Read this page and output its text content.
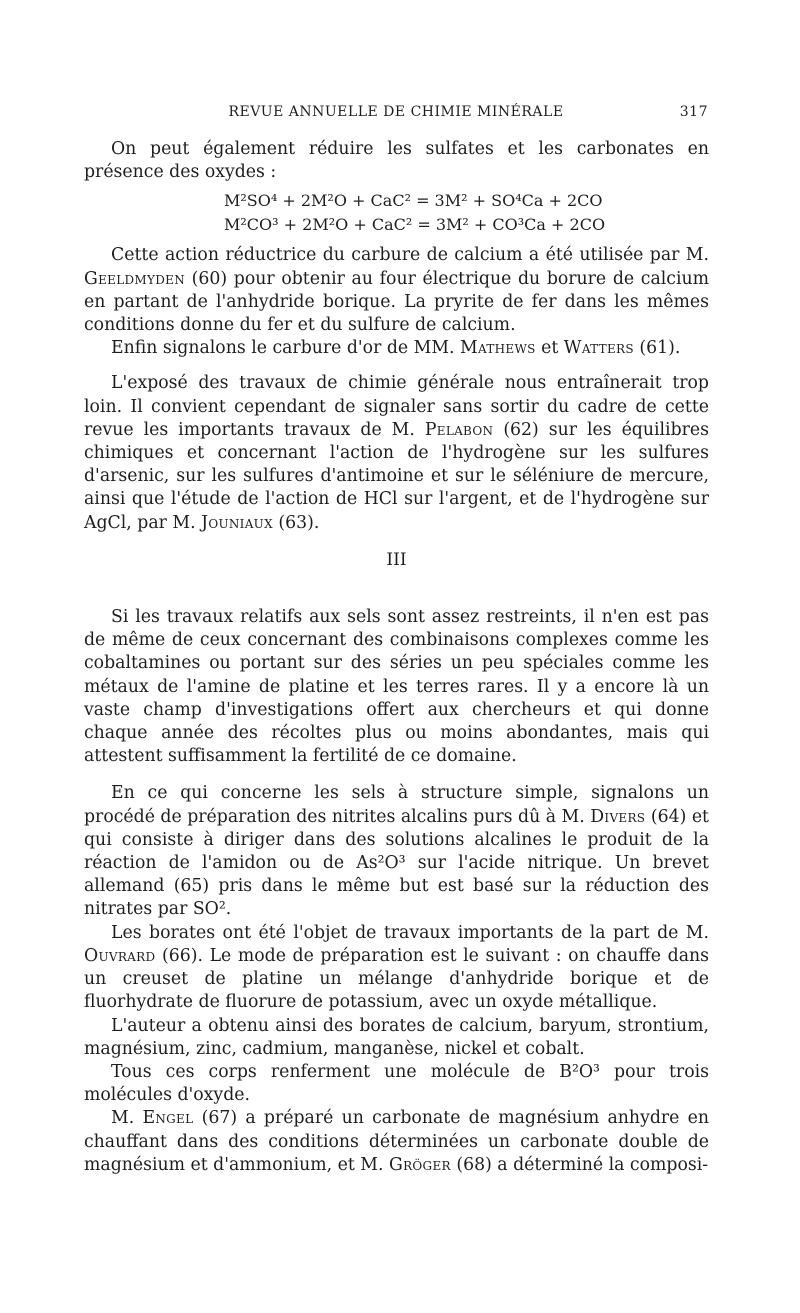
REVUE ANNUELLE DE CHIMIE MINÉRALE	317

On peut également réduire les sulfates et les carbonates en présence des oxydes :

M²SO⁴ + 2M²O + CaC² = 3M² + SO⁴Ca + 2CO
M²CO³ + 2M²O + CaC² = 3M² + CO³Ca + 2CO

Cette action réductrice du carbure de calcium a été utilisée par M. Geeldmyden (60) pour obtenir au four électrique du borure de calcium en partant de l'anhydride borique. La pryrite de fer dans les mêmes conditions donne du fer et du sulfure de calcium.

Enfin signalons le carbure d'or de MM. Mathews et Watters (61).

L'exposé des travaux de chimie générale nous entraînerait trop loin. Il convient cependant de signaler sans sortir du cadre de cette revue les importants travaux de M. Pelabon (62) sur les équilibres chimiques et concernant l'action de l'hydrogène sur les sulfures d'arsenic, sur les sulfures d'antimoine et sur le séléniure de mercure, ainsi que l'étude de l'action de HCl sur l'argent, et de l'hydrogène sur AgCl, par M. Jouniaux (63).

III

Si les travaux relatifs aux sels sont assez restreints, il n'en est pas de même de ceux concernant des combinaisons complexes comme les cobaltamines ou portant sur des séries un peu spéciales comme les métaux de l'amine de platine et les terres rares. Il y a encore là un vaste champ d'investigations offert aux chercheurs et qui donne chaque année des récoltes plus ou moins abondantes, mais qui attestent suffisamment la fertilité de ce domaine.

En ce qui concerne les sels à structure simple, signalons un procédé de préparation des nitrites alcalins purs dû à M. Divers (64) et qui consiste à diriger dans des solutions alcalines le produit de la réaction de l'amidon ou de As²O³ sur l'acide nitrique. Un brevet allemand (65) pris dans le même but est basé sur la réduction des nitrates par SO².

Les borates ont été l'objet de travaux importants de la part de M. Ouvrard (66). Le mode de préparation est le suivant : on chauffe dans un creuset de platine un mélange d'anhydride borique et de fluorhydrate de fluorure de potassium, avec un oxyde métallique.

L'auteur a obtenu ainsi des borates de calcium, baryum, strontium, magnésium, zinc, cadmium, manganèse, nickel et cobalt.

Tous ces corps renferment une molécule de B²O³ pour trois molécules d'oxyde.

M. Engel (67) a préparé un carbonate de magnésium anhydre en chauffant dans des conditions déterminées un carbonate double de magnésium et d'ammonium, et M. Gröger (68) a déterminé la composi-
